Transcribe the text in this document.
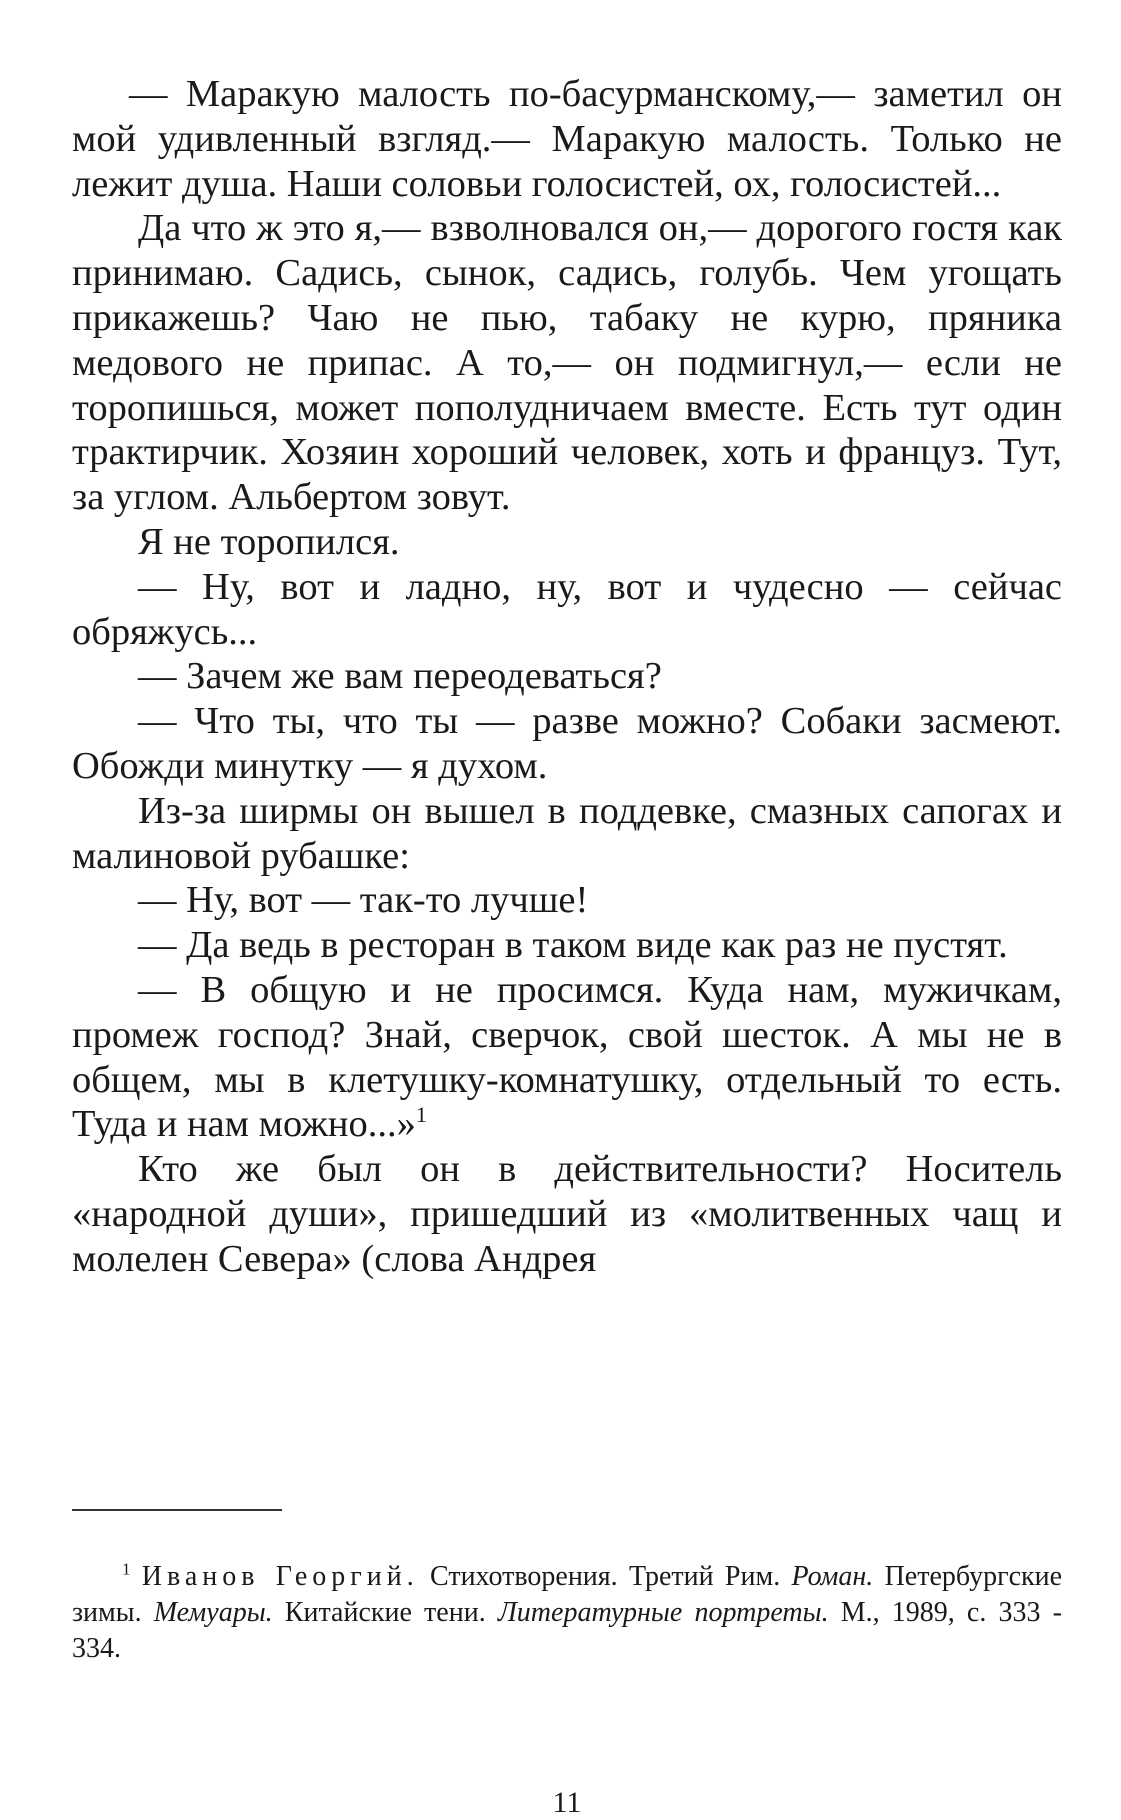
  — Маракую малость по-басурманскому,— заметил он мой удивленный взгляд.— Маракую малость. Только не лежит душа. Наши соловьи голосистей, ох, голосистей...

Да что ж это я,— взволновался он,— дорогого гостя как принимаю. Садись, сынок, садись, голубь. Чем угощать прикажешь? Чаю не пью, табаку не курю, пряника медового не припас. А то,— он подмигнул,— если не торопишься, может пополудничаем вместе. Есть тут один трактирчик. Хозяин хороший человек, хоть и француз. Тут, за углом. Альбертом зовут.

Я не торопился.

— Ну, вот и ладно, ну, вот и чудесно — сейчас обряжусь...

— Зачем же вам переодеваться?

— Что ты, что ты — разве можно? Собаки засмеют. Обожди минутку — я духом.

Из-за ширмы он вышел в поддевке, смазных сапогах и малиновой рубашке:

— Ну, вот — так-то лучше!

— Да ведь в ресторан в таком виде как раз не пустят.

— В общую и не просимся. Куда нам, мужичкам, промеж господ? Знай, сверчок, свой шесток. А мы не в общем, мы в клетушку-комнатушку, отдельный то есть. Туда и нам можно...»$^1$

Кто же был он в действительности? Носитель «народной души», пришедший из «молитвенных чащ и молелен Севера» (слова Андрея

$^1$ Иванов Георгий. Стихотворения. Третий Рим. Роман. Петербургские зимы. Мемуары. Китайские тени. Литературные портреты. М., 1989, с. 333 - 334.

11
